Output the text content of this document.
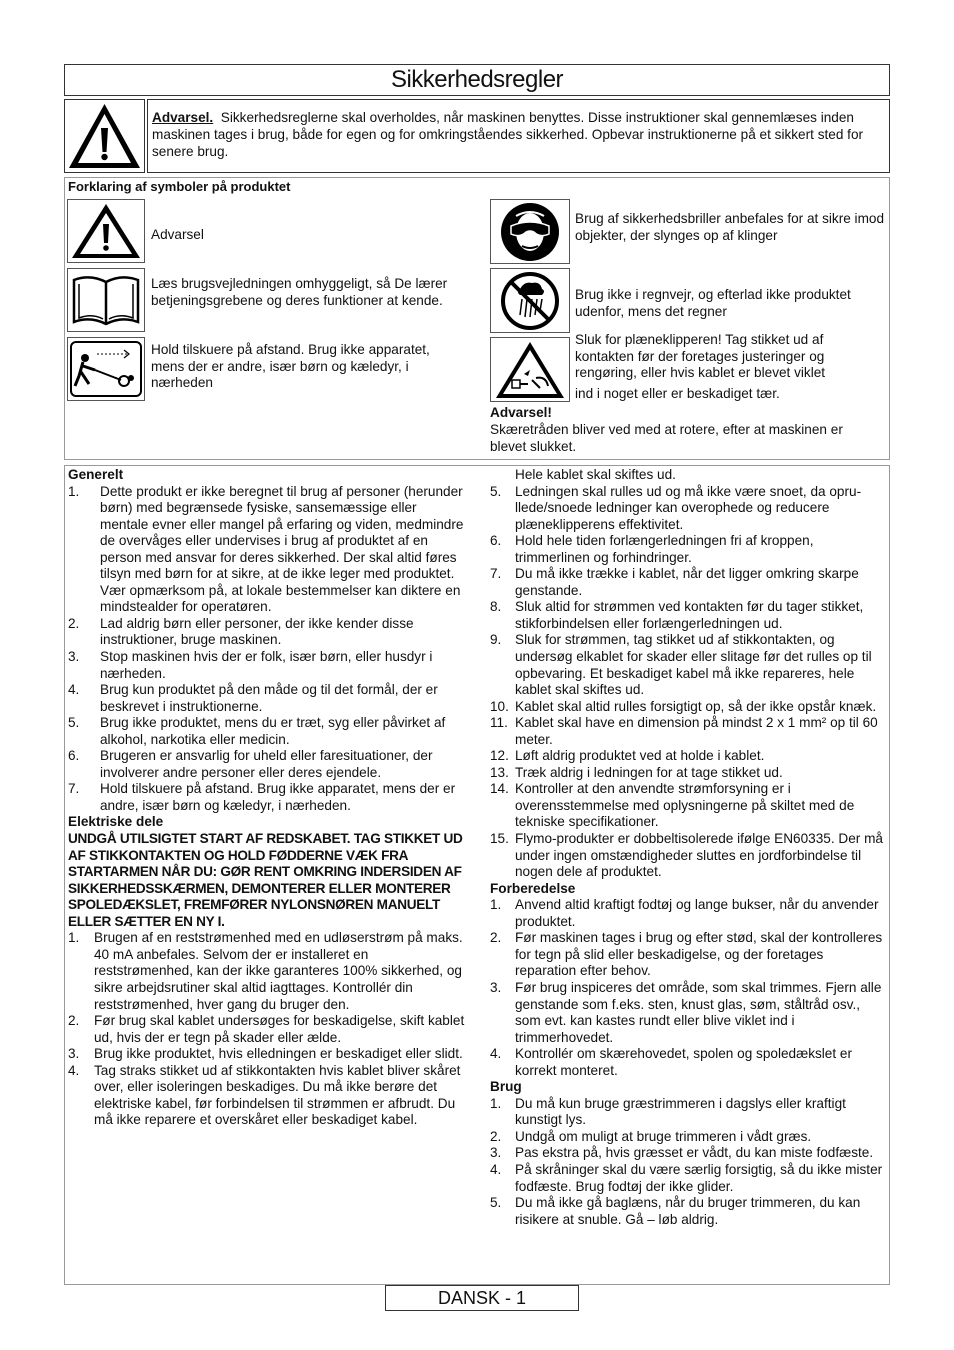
Sikkerhedsregler
Advarsel. Sikkerhedsreglerne skal overholdes, når maskinen benyttes. Disse instruktioner skal gennemlæses inden maskinen tages i brug, både for egen og for omkringståendes sikkerhed. Opbevar instruktionerne på et sikkert sted for senere brug.
Forklaring af symboler på produktet
Advarsel
Læs brugsvejledningen omhyggeligt, så De lærer betjeningsgrebene og deres funktioner at kende.
Hold tilskuere på afstand. Brug ikke apparatet, mens der er andre, især børn og kæledyr, i nærheden
Brug af sikkerhedsbriller anbefales for at sikre imod objekter, der slynges op af klinger
Brug ikke i regnvejr, og efterlad ikke produktet udenfor, mens det regner
Sluk for plæneklipperen! Tag stikket ud af kontakten før der foretages justeringer og rengøring, eller hvis kablet er blevet viklet
ind i noget eller er beskadiget tær.
Advarsel!
Skæretråden bliver ved med at rotere, efter at maskinen er blevet slukket.
Generelt
1.	Dette produkt er ikke beregnet til brug af personer (herunder børn) med begrænsede fysiske, sansemæssige eller mentale evner eller mangel på erfaring og viden, medmindre de overvåges eller undervises i brug af produktet af en person med ansvar for deres sikkerhed. Der skal altid føres tilsyn med børn for at sikre, at de ikke leger med produktet. Vær opmærksom på, at lokale bestemmelser kan diktere en mindstealder for operatøren.
2.	Lad aldrig børn eller personer, der ikke kender disse instruktioner, bruge maskinen.
3.	Stop maskinen hvis der er folk, især børn, eller husdyr i nærheden.
4.	Brug kun produktet på den måde og til det formål, der er beskrevet i instruktionerne.
5.	Brug ikke produktet, mens du er træt, syg eller påvirket af alkohol, narkotika eller medicin.
6.	Brugeren er ansvarlig for uheld eller faresituationer, der involverer andre personer eller deres ejendele.
7.	Hold tilskuere på afstand. Brug ikke apparatet, mens der er andre, især børn og kæledyr, i nærheden.
Elektriske dele
UNDGÅ UTILSIGTET START AF REDSKABET. TAG STIKKET UD AF STIKKONTAKTEN OG HOLD FØDDERNE VÆK FRA STARTARMEN NÅR DU: GØR RENT OMKRING INDERSIDEN AF SIKKERHEDSSKÆRMEN, DEMONTERER ELLER MONTERER SPOLEDÆKSLET, FREMFØRER NYLONSNØREN MANUELT ELLER SÆTTER EN NY I.
1.	Brugen af en reststrømenhed med en udløserstrøm på maks. 40 mA anbefales. Selvom der er installeret en reststrømenhed, kan der ikke garanteres 100% sikkerhed, og sikre arbejdsrutiner skal altid iagttages. Kontrollér din reststrømenhed, hver gang du bruger den.
2.	Før brug skal kablet undersøges for beskadigelse, skift kablet ud, hvis der er tegn på skader eller ælde.
3.	Brug ikke produktet, hvis elledningen er beskadiget eller slidt.
4.	Tag straks stikket ud af stikkontakten hvis kablet bliver skåret over, eller isoleringen beskadiges. Du må ikke berøre det elektriske kabel, før forbindelsen til strømmen er afbrudt. Du må ikke reparere et overskåret eller beskadiget kabel.
Hele kablet skal skiftes ud.
5.	Ledningen skal rulles ud og må ikke være snoet, da oprullede/snoede ledninger kan overophede og reducere plæneklipperens effektivitet.
6.	Hold hele tiden forlængerledningen fri af kroppen, trimmerlinen og forhindringer.
7.	Du må ikke trække i kablet, når det ligger omkring skarpe genstande.
8.	Sluk altid for strømmen ved kontakten før du tager stikket, stikforbindelsen eller forlængerledningen ud.
9.	Sluk for strømmen, tag stikket ud af stikkontakten, og undersøg elkablet for skader eller slitage før det rulles op til opbevaring. Et beskadiget kabel må ikke repareres, hele kablet skal skiftes ud.
10. Kablet skal altid rulles forsigtigt op, så der ikke opstår knæk.
11. Kablet skal have en dimension på mindst 2 x 1 mm² op til 60 meter.
12. Løft aldrig produktet ved at holde i kablet.
13. Træk aldrig i ledningen for at tage stikket ud.
14. Kontroller at den anvendte strømforsyning er i overensstemmelse med oplysningerne på skiltet med de tekniske specifikationer.
15. Flymo-produkter er dobbeltisolerede ifølge EN60335. Der må under ingen omstændigheder sluttes en jordforbindelse til nogen dele af produktet.
Forberedelse
1.	Anvend altid kraftigt fodtøj og lange bukser, når du anvender produktet.
2.	Før maskinen tages i brug og efter stød, skal der kontrolleres for tegn på slid eller beskadigelse, og der foretages reparation efter behov.
3.	Før brug inspiceres det område, som skal trimmes. Fjern alle genstande som f.eks. sten, knust glas, søm, ståltråd osv., som evt. kan kastes rundt eller blive viklet ind i trimmerhovedet.
4.	Kontrollér om skærehovedet, spolen og spoledækslet er korrekt monteret.
Brug
1.	Du må kun bruge græstrimmeren i dagslys eller kraftigt kunstigt lys.
2.	Undgå om muligt at bruge trimmeren i vådt græs.
3.	Pas ekstra på, hvis græsset er vådt, du kan miste fodfæste.
4.	På skråninger skal du være særlig forsigtig, så du ikke mister fodfæste. Brug fodtøj der ikke glider.
5.	Du må ikke gå baglæns, når du bruger trimmeren, du kan risikere at snuble. Gå – løb aldrig.
DANSK - 1
